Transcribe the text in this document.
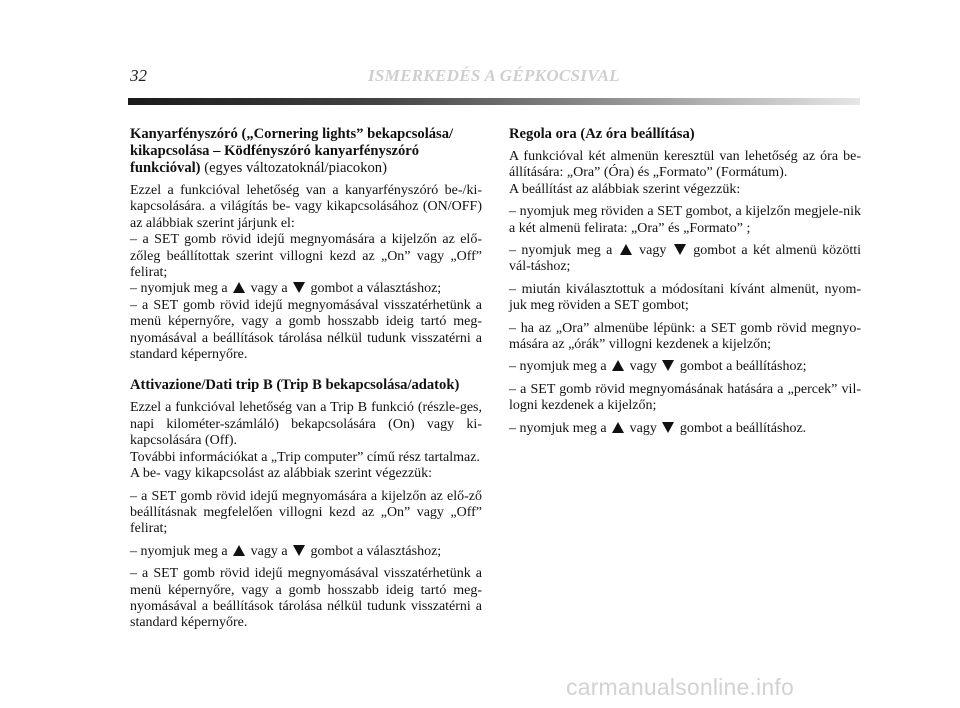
32	ISMERKEDÉS A GÉPKOCSIVAL
Kanyarfényszóró („Cornering lights” bekapcsolása/ kikapcsolása – Ködfényszóró kanyarfényszóró funkcióval) (egyes változatoknál/piacokon)

Ezzel a funkcióval lehetőség van a kanyarfényszóró be-/ki-kapcsolására. a világítás be- vagy kikapcsolásához (ON/OFF) az alábbiak szerint járjunk el:

– a SET gomb rövid idejű megnyomására a kijelzőn az elő-zőleg beállítottak szerint villogni kezd az „On” vagy „Off” felirat;

– nyomjuk meg a vagy a gombot a választáshoz;

– a SET gomb rövid idejű megnyomásával visszatérhetünk a menü képernyőre, vagy a gomb hosszabb ideig tartó meg-nyomásával a beállítások tárolása nélkül tudunk visszatérni a standard képernyőre.

Attivazione/Dati trip B (Trip B bekapcsolása/adatok)

Ezzel a funkcióval lehetőség van a Trip B funkció (részle-ges, napi kilométer-számláló) bekapcsolására (On) vagy ki-kapcsolására (Off).

További információkat a „Trip computer” című rész tartalmaz.

A be- vagy kikapcsolást az alábbiak szerint végezzük:

– a SET gomb rövid idejű megnyomására a kijelzőn az elő-ző beállításnak megfelelően villogni kezd az „On” vagy „Off” felirat;

– nyomjuk meg a vagy a gombot a választáshoz;

– a SET gomb rövid idejű megnyomásával visszatérhetünk a menü képernyőre, vagy a gomb hosszabb ideig tartó meg-nyomásával a beállítások tárolása nélkül tudunk visszatérni a standard képernyőre.

Regola ora (Az óra beállítása)

A funkcióval két almenün keresztül van lehetőség az óra be-állítására: „Ora” (Óra) és „Formato” (Formátum).

A beállítást az alábbiak szerint végezzük:

– nyomjuk meg röviden a SET gombot, a kijelzőn megjele-nik a két almenü felirata: „Ora” és „Formato” ;

– nyomjuk meg a vagy gombot a két almenü közötti vál-táshoz;

– miután kiválasztottuk a módosítani kívánt almenüt, nyom-juk meg röviden a SET gombot;

– ha az „Ora” almenübe lépünk: a SET gomb rövid megnyo-mására az „órák” villogni kezdenek a kijelzőn;

– nyomjuk meg a vagy gombot a beállításhoz;

– a SET gomb rövid megnyomásának hatására a „percek” vil-logni kezdenek a kijelzőn;

– nyomjuk meg a vagy gombot a beállításhoz.

carmanualsonline.info
